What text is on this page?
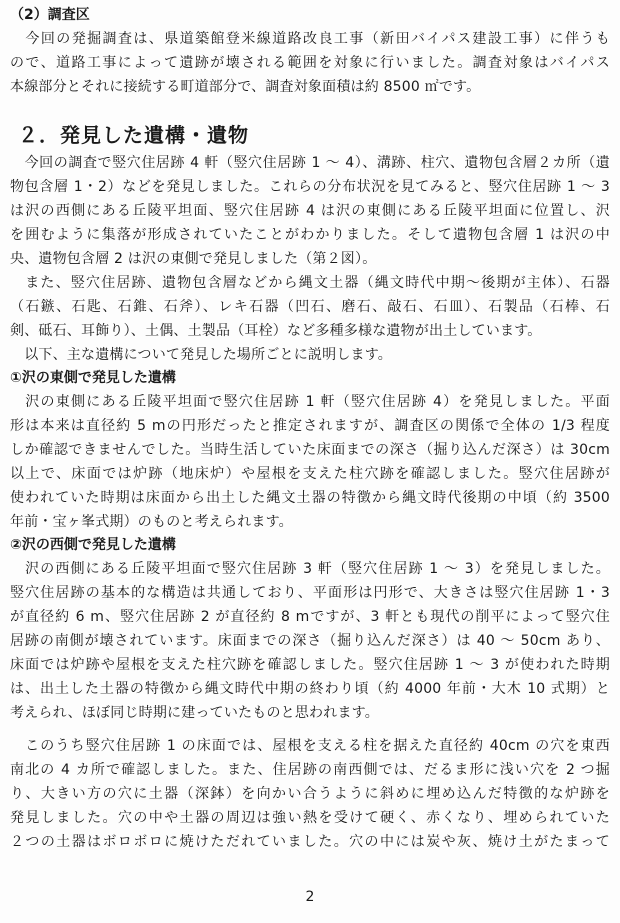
（2）調査区
　今回の発掘調査は、県道築館登米線道路改良工事（新田バイパス建設工事）に伴うも
ので、道路工事によって遺跡が壊される範囲を対象に行いました。調査対象はバイパス
本線部分とそれに接続する町道部分で、調査対象面積は約 8500 ㎡です。
２．発見した遺構・遺物
　今回の調査で竪穴住居跡 4 軒（竪穴住居跡 1 ～ 4）、溝跡、柱穴、遺物包含層２カ所（遺
物包含層 1・2）などを発見しました。これらの分布状況を見てみると、竪穴住居跡 1 ～ 3
は沢の西側にある丘陵平坦面、竪穴住居跡 4 は沢の東側にある丘陵平坦面に位置し、沢
を囲むように集落が形成されていたことがわかりました。そして遺物包含層 1 は沢の中
央、遺物包含層 2 は沢の東側で発見しました（第２図）。
　また、竪穴住居跡、遺物包含層などから縄文土器（縄文時代中期～後期が主体）、石器
（石鏃、石匙、石錐、石斧）、レキ石器（凹石、磨石、敲石、石皿）、石製品（石棒、石
剣、砥石、耳飾り）、土偶、土製品（耳栓）など多種多様な遺物が出土しています。
　以下、主な遺構について発見した場所ごとに説明します。
①沢の東側で発見した遺構
　沢の東側にある丘陵平坦面で竪穴住居跡 1 軒（竪穴住居跡 4）を発見しました。平面
形は本来は直径約 5 mの円形だったと推定されますが、調査区の関係で全体の 1/3 程度
しか確認できませんでした。当時生活していた床面までの深さ（掘り込んだ深さ）は 30cm
以上で、床面では炉跡（地床炉）や屋根を支えた柱穴跡を確認しました。竪穴住居跡が
使われていた時期は床面から出土した縄文土器の特徴から縄文時代後期の中頃（約 3500
年前・宝ヶ峯式期）のものと考えられます。
②沢の西側で発見した遺構
　沢の西側にある丘陵平坦面で竪穴住居跡 3 軒（竪穴住居跡 1 ～ 3）を発見しました。
竪穴住居跡の基本的な構造は共通しており、平面形は円形で、大きさは竪穴住居跡 1・3
が直径約 6 m、竪穴住居跡 2 が直径約 8 mですが、3 軒とも現代の削平によって竪穴住
居跡の南側が壊されています。床面までの深さ（掘り込んだ深さ）は 40 ～ 50cm あり、
床面では炉跡や屋根を支えた柱穴跡を確認しました。竪穴住居跡 1 ～ 3 が使われた時期
は、出土した土器の特徴から縄文時代中期の終わり頃（約 4000 年前・大木 10 式期）と
考えられ、ほぼ同じ時期に建っていたものと思われます。
　このうち竪穴住居跡 1 の床面では、屋根を支える柱を据えた直径約 40cm の穴を東西
南北の 4 カ所で確認しました。また、住居跡の南西側では、だるま形に浅い穴を 2 つ掘
り、大きい方の穴に土器（深鉢）を向かい合うように斜めに埋め込んだ特徴的な炉跡を
発見しました。穴の中や土器の周辺は強い熱を受けて硬く、赤くなり、埋められていた
２つの土器はボロボロに焼けただれていました。穴の中には炭や灰、焼け土がたまって
2
